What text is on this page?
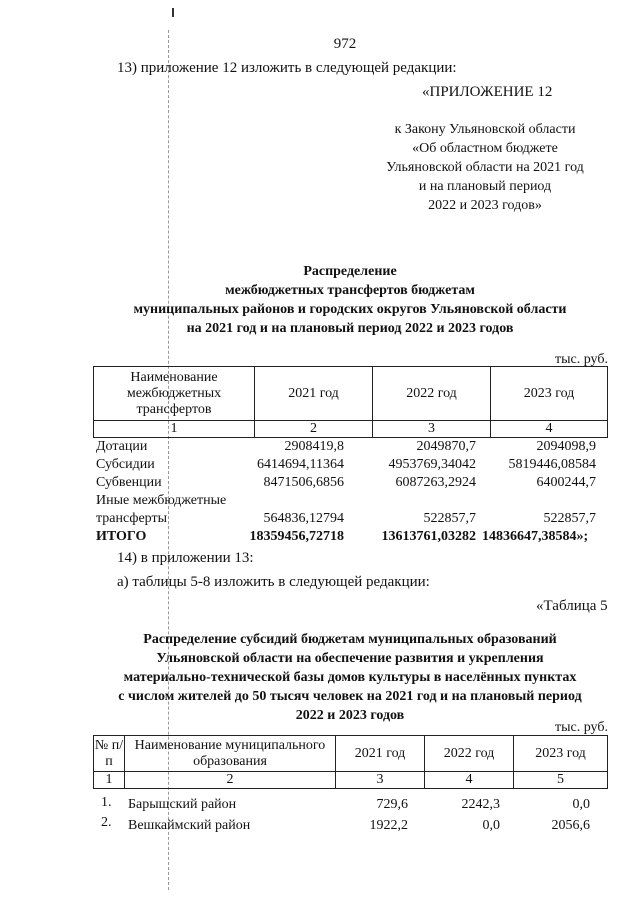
972
13) приложение 12 изложить в следующей редакции:
«ПРИЛОЖЕНИЕ 12
к Закону Ульяновской области
«Об областном бюджете
Ульяновской области на 2021 год
и на плановый период
2022 и 2023 годов»
Распределение
межбюджетных трансфертов бюджетам
муниципальных районов и городских округов Ульяновской области
на 2021 год и на плановый период 2022 и 2023 годов
тыс. руб.
Наименование межбюджетных трансфертов	2021 год	2022 год	2023 год
1	2	3	4
Дотации	2908419,8	2049870,7	2094098,9
Субсидии	6414694,11364	4953769,34042	5819446,08584
Субвенции	8471506,6856	6087263,2924	6400244,7
Иные межбюджетные
трансферты	564836,12794	522857,7	522857,7
ИТОГО	18359456,72718	13613761,03282 14836647,38584»;
14) в приложении 13:
а) таблицы 5-8 изложить в следующей редакции:
«Таблица 5
Распределение субсидий бюджетам муниципальных образований
Ульяновской области на обеспечение развития и укрепления
материально-технической базы домов культуры в населённых пунктах
с числом жителей до 50 тысяч человек на 2021 год и на плановый период
2022 и 2023 годов
тыс. руб.
№ п/п	Наименование муниципального образования	2021 год	2022 год	2023 год
1	2	3	4	5
1. Барышский район	729,6	2242,3	0,0
2. Вешкаймский район	1922,2	0,0	2056,6
